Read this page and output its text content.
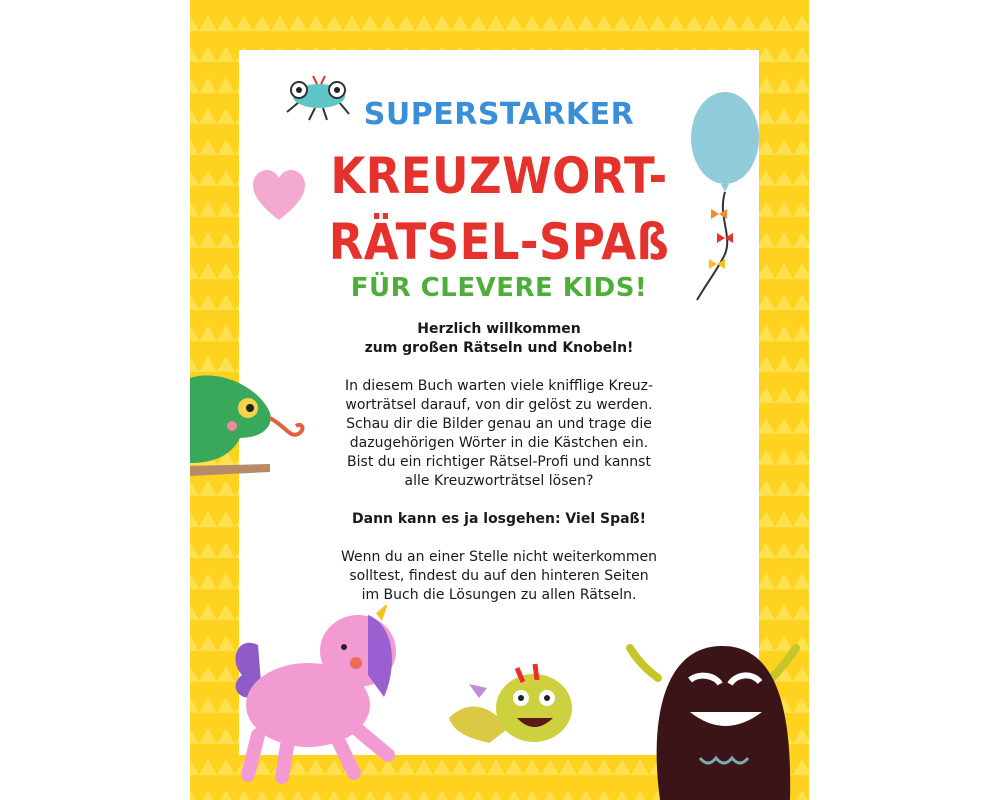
SUPERSTARKER
KREUZWORT-
RÄTSEL-SPAß
FÜR CLEVERE KIDS!

Herzlich willkommen
zum großen Rätseln und Knobeln!

In diesem Buch warten viele knifflige Kreuz-
worträtsel darauf, von dir gelöst zu werden.
Schau dir die Bilder genau an und trage die
dazugehörigen Wörter in die Kästchen ein.
Bist du ein richtiger Rätsel-Profi und kannst
alle Kreuzworträtsel lösen?

Dann kann es ja losgehen: Viel Spaß!

Wenn du an einer Stelle nicht weiterkommen
solltest, findest du auf den hinteren Seiten
im Buch die Lösungen zu allen Rätseln.
